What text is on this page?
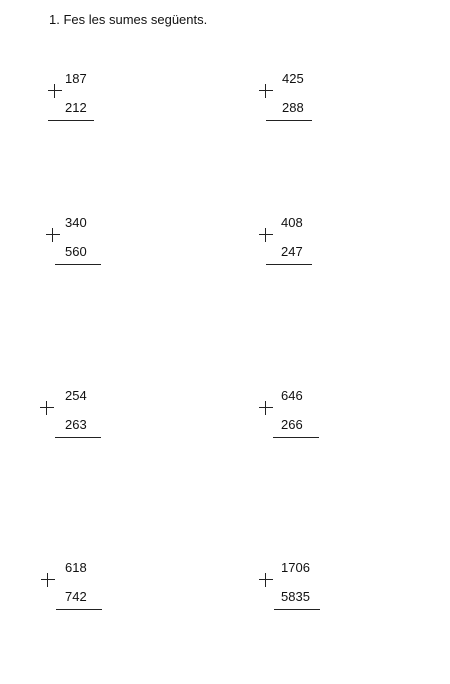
1. Fes les sumes següents.
187
212
425
288
340
560
408
247
254
263
646
266
618
742
1706
5835
